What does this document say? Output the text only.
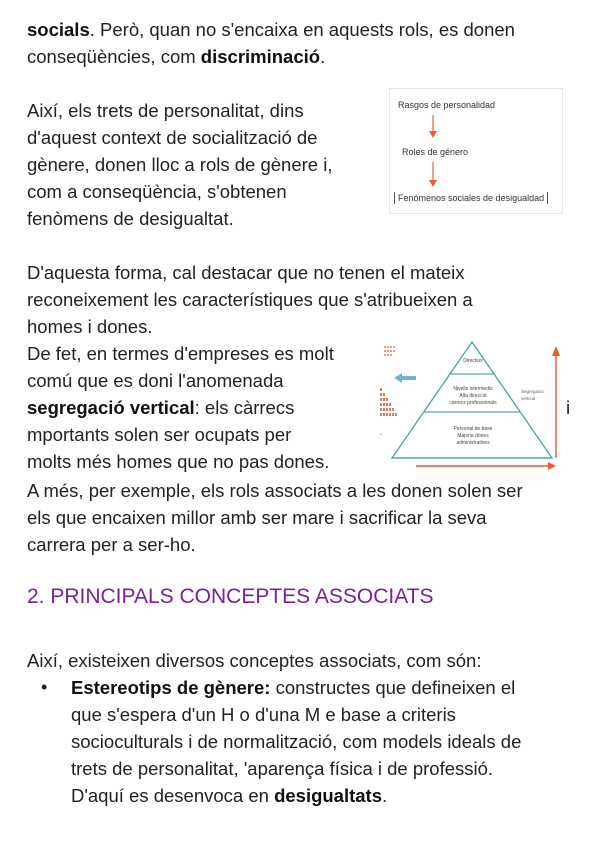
socials. Però, quan no s'encaixa en aquests rols, es donen
conseqüències, com discriminació.
Així, els trets de personalitat, dins
d'aquest context de socialització de
gènere, donen lloc a rols de gènere i,
com a conseqüència, s'obtenen
fenòmens de desigualtat.
Rasgos de personalidad
Roles de género
Fenómenos sociales de desigualdad
D'aquesta forma, cal destacar que no tenen el mateix
reconeixement les característiques que s'atribueixen a
homes i dones.
De fet, en termes d'empreses es molt
comú que es doni l'anomenada
segregació vertical: els càrrecs
mportants solen ser ocupats per
molts més homes que no pas dones.
i
•
Directius
Nivells intermedis
Alta direcció
càrrecs professionals
Personal de base
Majoria dones
administratives
Segregació
vertical
A més, per exemple, els rols associats a les donen solen ser
els que encaixen millor amb ser mare i sacrificar la seva
carrera per a ser-ho.
2. PRINCIPALS CONCEPTES ASSOCIATS
Així, existeixen diversos conceptes associats, com són:
• Estereotips de gènere: constructes que defineixen el
que s'espera d'un H o d'una M e base a criteris
socioculturals i de normalització, com models ideals de
trets de personalitat, 'aparença física i de professió.
D'aquí es desenvoca en desigualtats.
